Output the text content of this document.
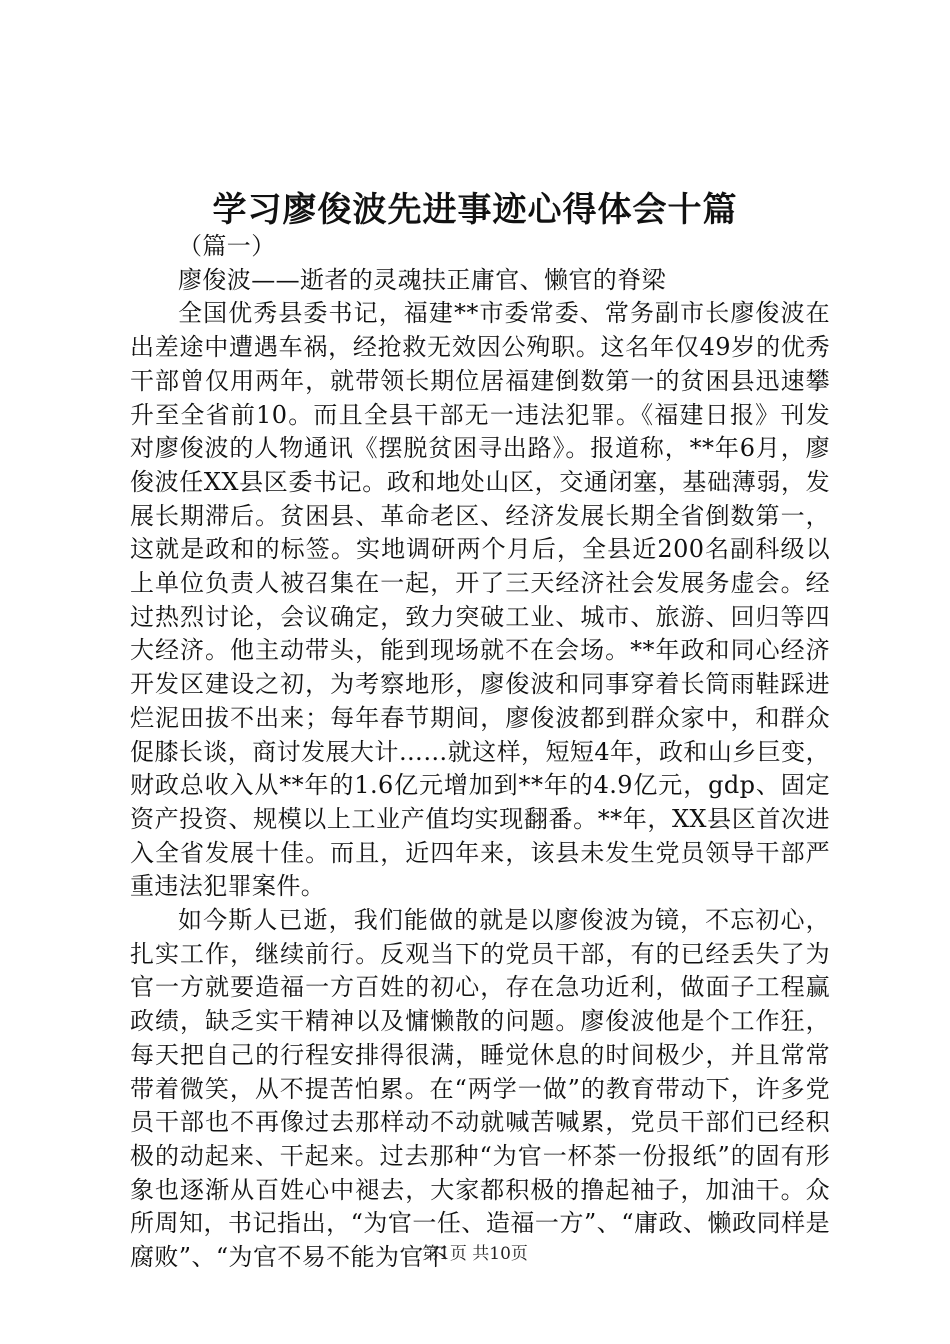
学习廖俊波先进事迹心得体会十篇

（篇一）

廖俊波——逝者的灵魂扶正庸官、懒官的脊梁

全国优秀县委书记，福建**市委常委、常务副市长廖俊波在出差途中遭遇车祸，经抢救无效因公殉职。这名年仅49岁的优秀干部曾仅用两年，就带领长期位居福建倒数第一的贫困县迅速攀升至全省前10。而且全县干部无一违法犯罪。《福建日报》刊发对廖俊波的人物通讯《摆脱贫困寻出路》。报道称，**年6月，廖俊波任XX县区委书记。政和地处山区，交通闭塞，基础薄弱，发展长期滞后。贫困县、革命老区、经济发展长期全省倒数第一，这就是政和的标签。实地调研两个月后，全县近200名副科级以上单位负责人被召集在一起，开了三天经济社会发展务虚会。经过热烈讨论，会议确定，致力突破工业、城市、旅游、回归等四大经济。他主动带头，能到现场就不在会场。**年政和同心经济开发区建设之初，为考察地形，廖俊波和同事穿着长筒雨鞋踩进烂泥田拔不出来；每年春节期间，廖俊波都到群众家中，和群众促膝长谈，商讨发展大计……就这样，短短4年，政和山乡巨变，财政总收入从**年的1.6亿元增加到**年的4.9亿元，gdp、固定资产投资、规模以上工业产值均实现翻番。**年，XX县区首次进入全省发展十佳。而且，近四年来，该县未发生党员领导干部严重违法犯罪案件。

如今斯人已逝，我们能做的就是以廖俊波为镜，不忘初心，扎实工作，继续前行。反观当下的党员干部，有的已经丢失了为官一方就要造福一方百姓的初心，存在急功近利，做面子工程赢政绩，缺乏实干精神以及慵懒散的问题。廖俊波他是个工作狂，每天把自己的行程安排得很满，睡觉休息的时间极少，并且常常带着微笑，从不提苦怕累。在“两学一做”的教育带动下，许多党员干部也不再像过去那样动不动就喊苦喊累，党员干部们已经积极的动起来、干起来。过去那种“为官一杯茶一份报纸”的固有形象也逐渐从百姓心中褪去，大家都积极的撸起袖子，加油干。众所周知，书记指出，“为官一任、造福一方”、“庸政、懒政同样是腐败”、“为官不易不能为官不

第1页 共10页
